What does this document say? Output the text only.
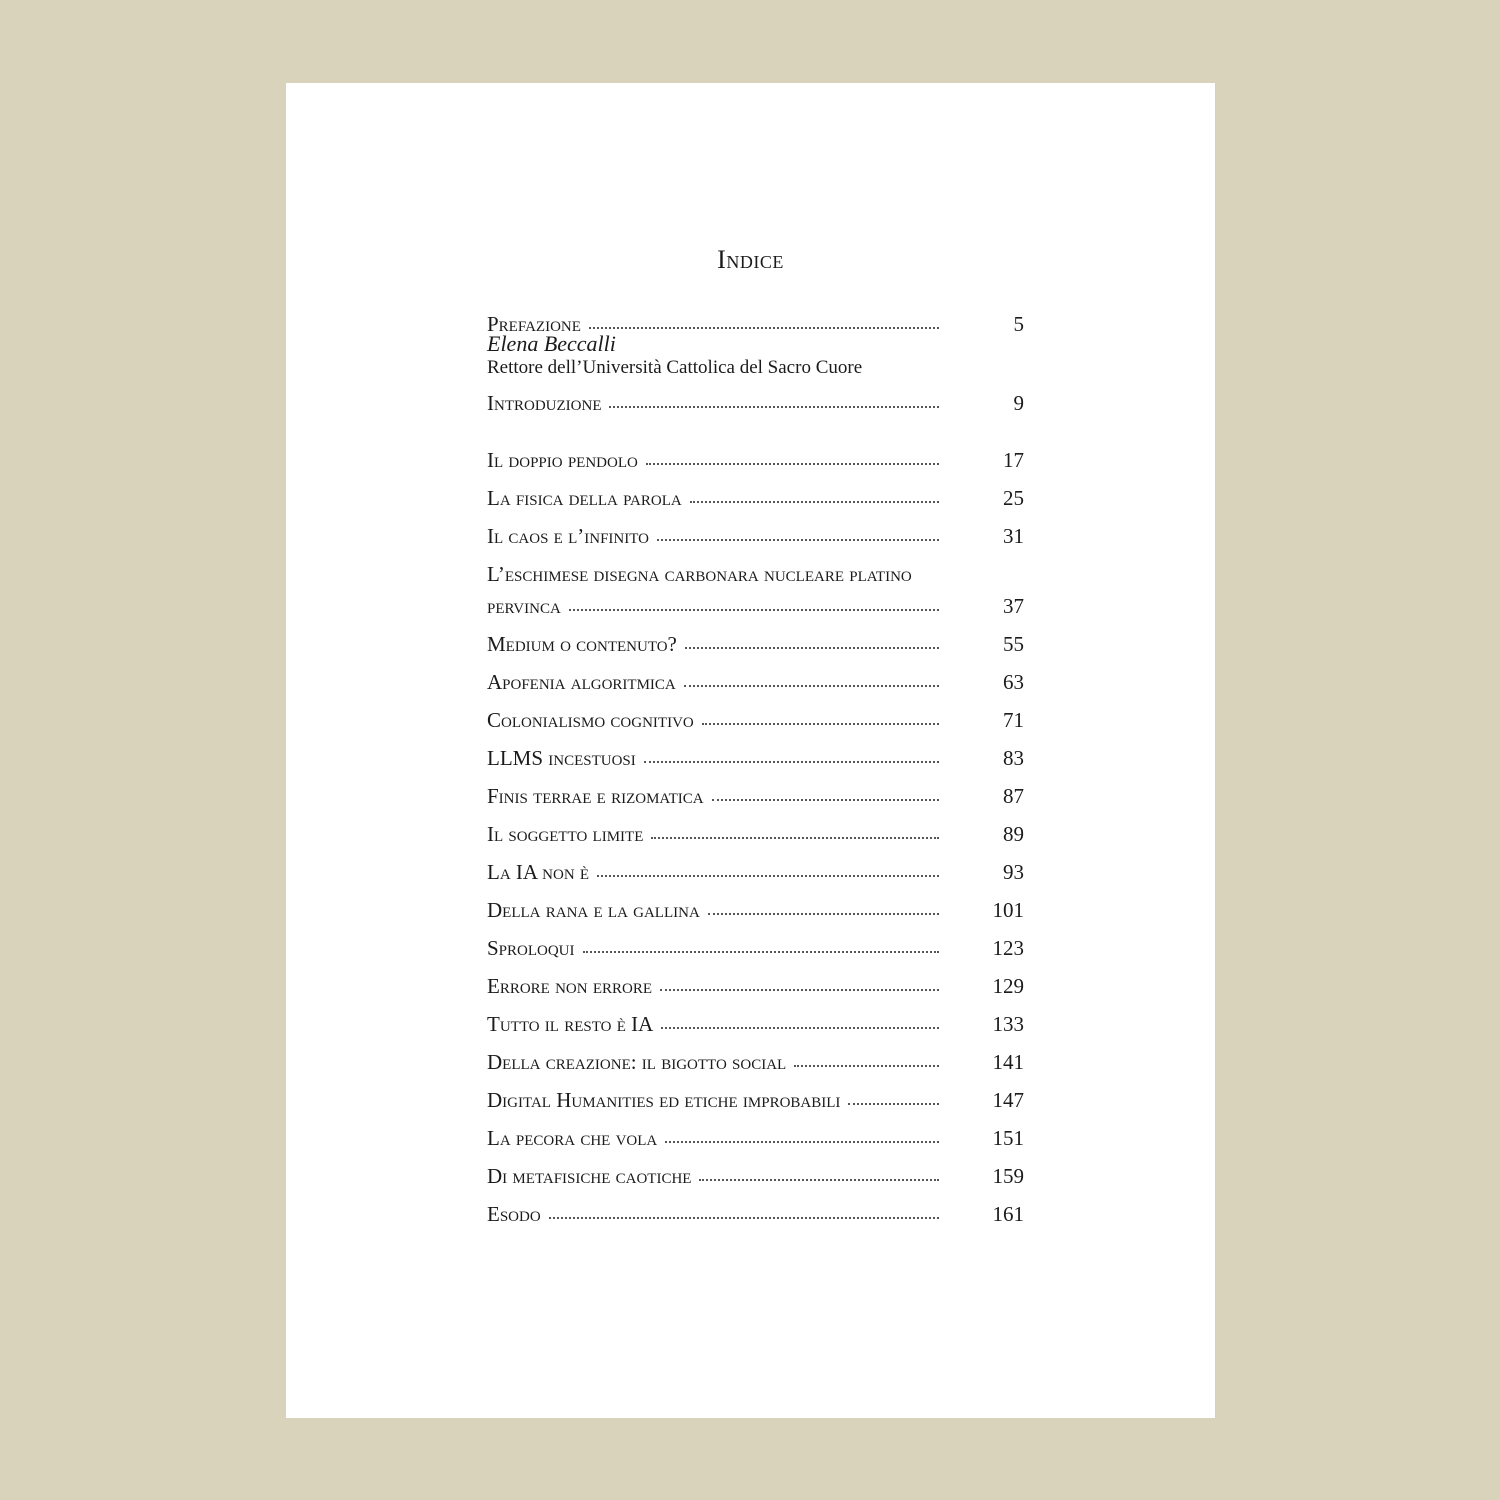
Indice
Prefazione	5
Elena Beccalli
Rettore dell’Università Cattolica del Sacro Cuore
Introduzione	9
Il doppio pendolo	17
La fisica della parola	25
Il caos e l’infinito	31
L’eschimese disegna carbonara nucleare platino
pervinca	37
Medium o contenuto?	55
Apofenia algoritmica	63
Colonialismo cognitivo	71
LLMS incestuosi	83
Finis terrae e rizomatica	87
Il soggetto limite	89
La IA non è	93
Della rana e la gallina	101
Sproloqui	123
Errore non errore	129
Tutto il resto è IA	133
Della creazione: il bigotto social	141
Digital Humanities ed etiche improbabili	147
La pecora che vola	151
Di metafisiche caotiche	159
Esodo	161
